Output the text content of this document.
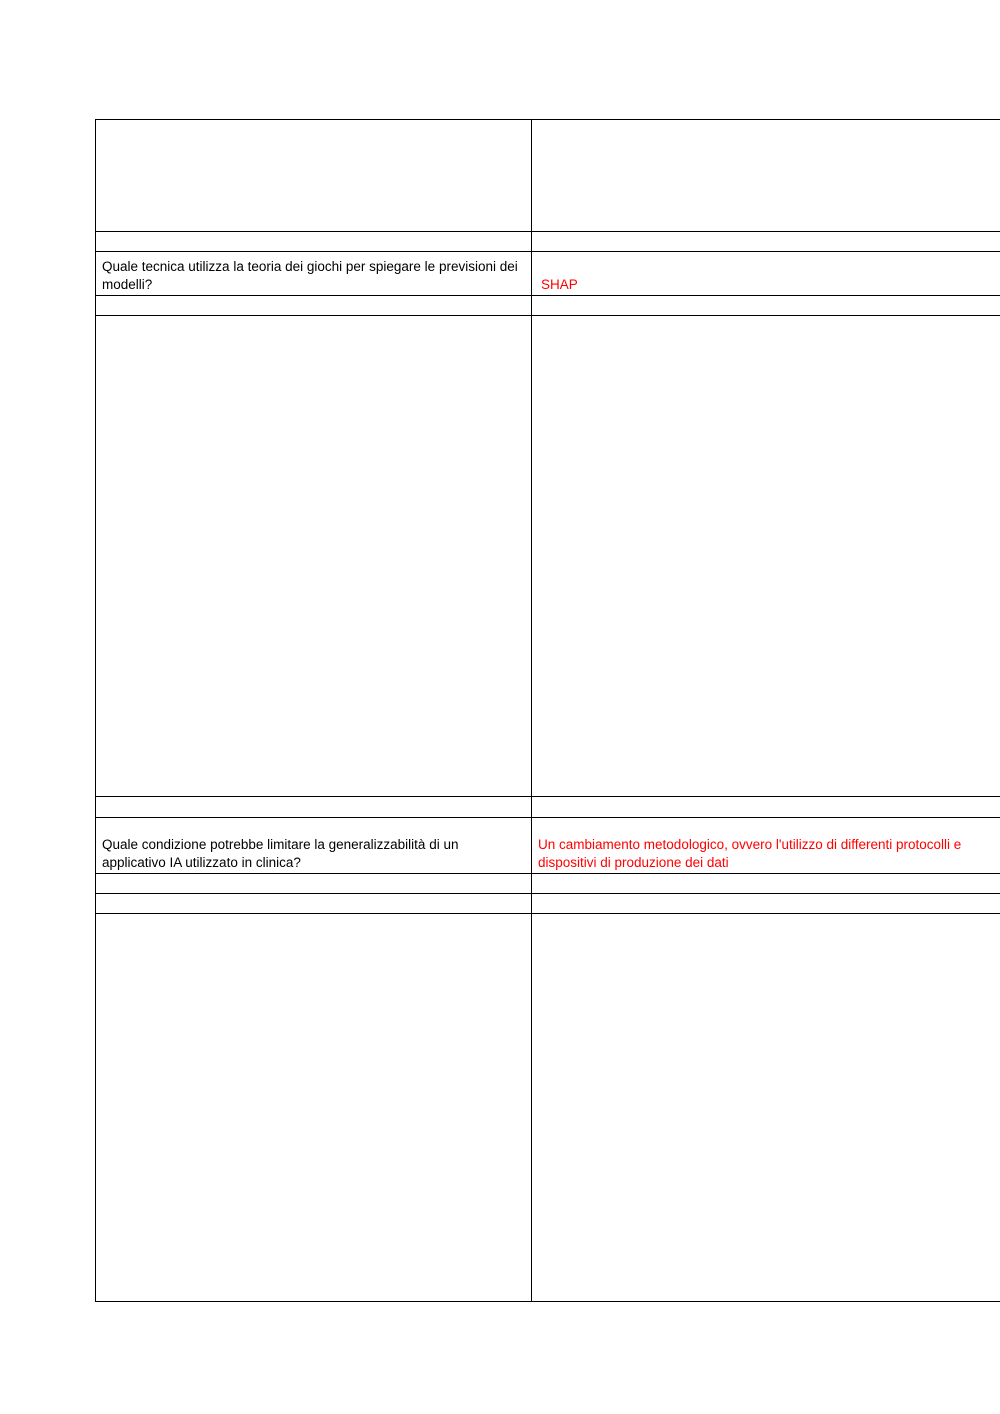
Quale tecnica utilizza la teoria dei giochi per spiegare le previsioni dei modelli?	SHAP

Quale condizione potrebbe limitare la generalizzabilità di un applicativo IA utilizzato in clinica?	Un cambiamento metodologico, ovvero l'utilizzo di differenti protocolli e dispositivi di produzione dei dati
